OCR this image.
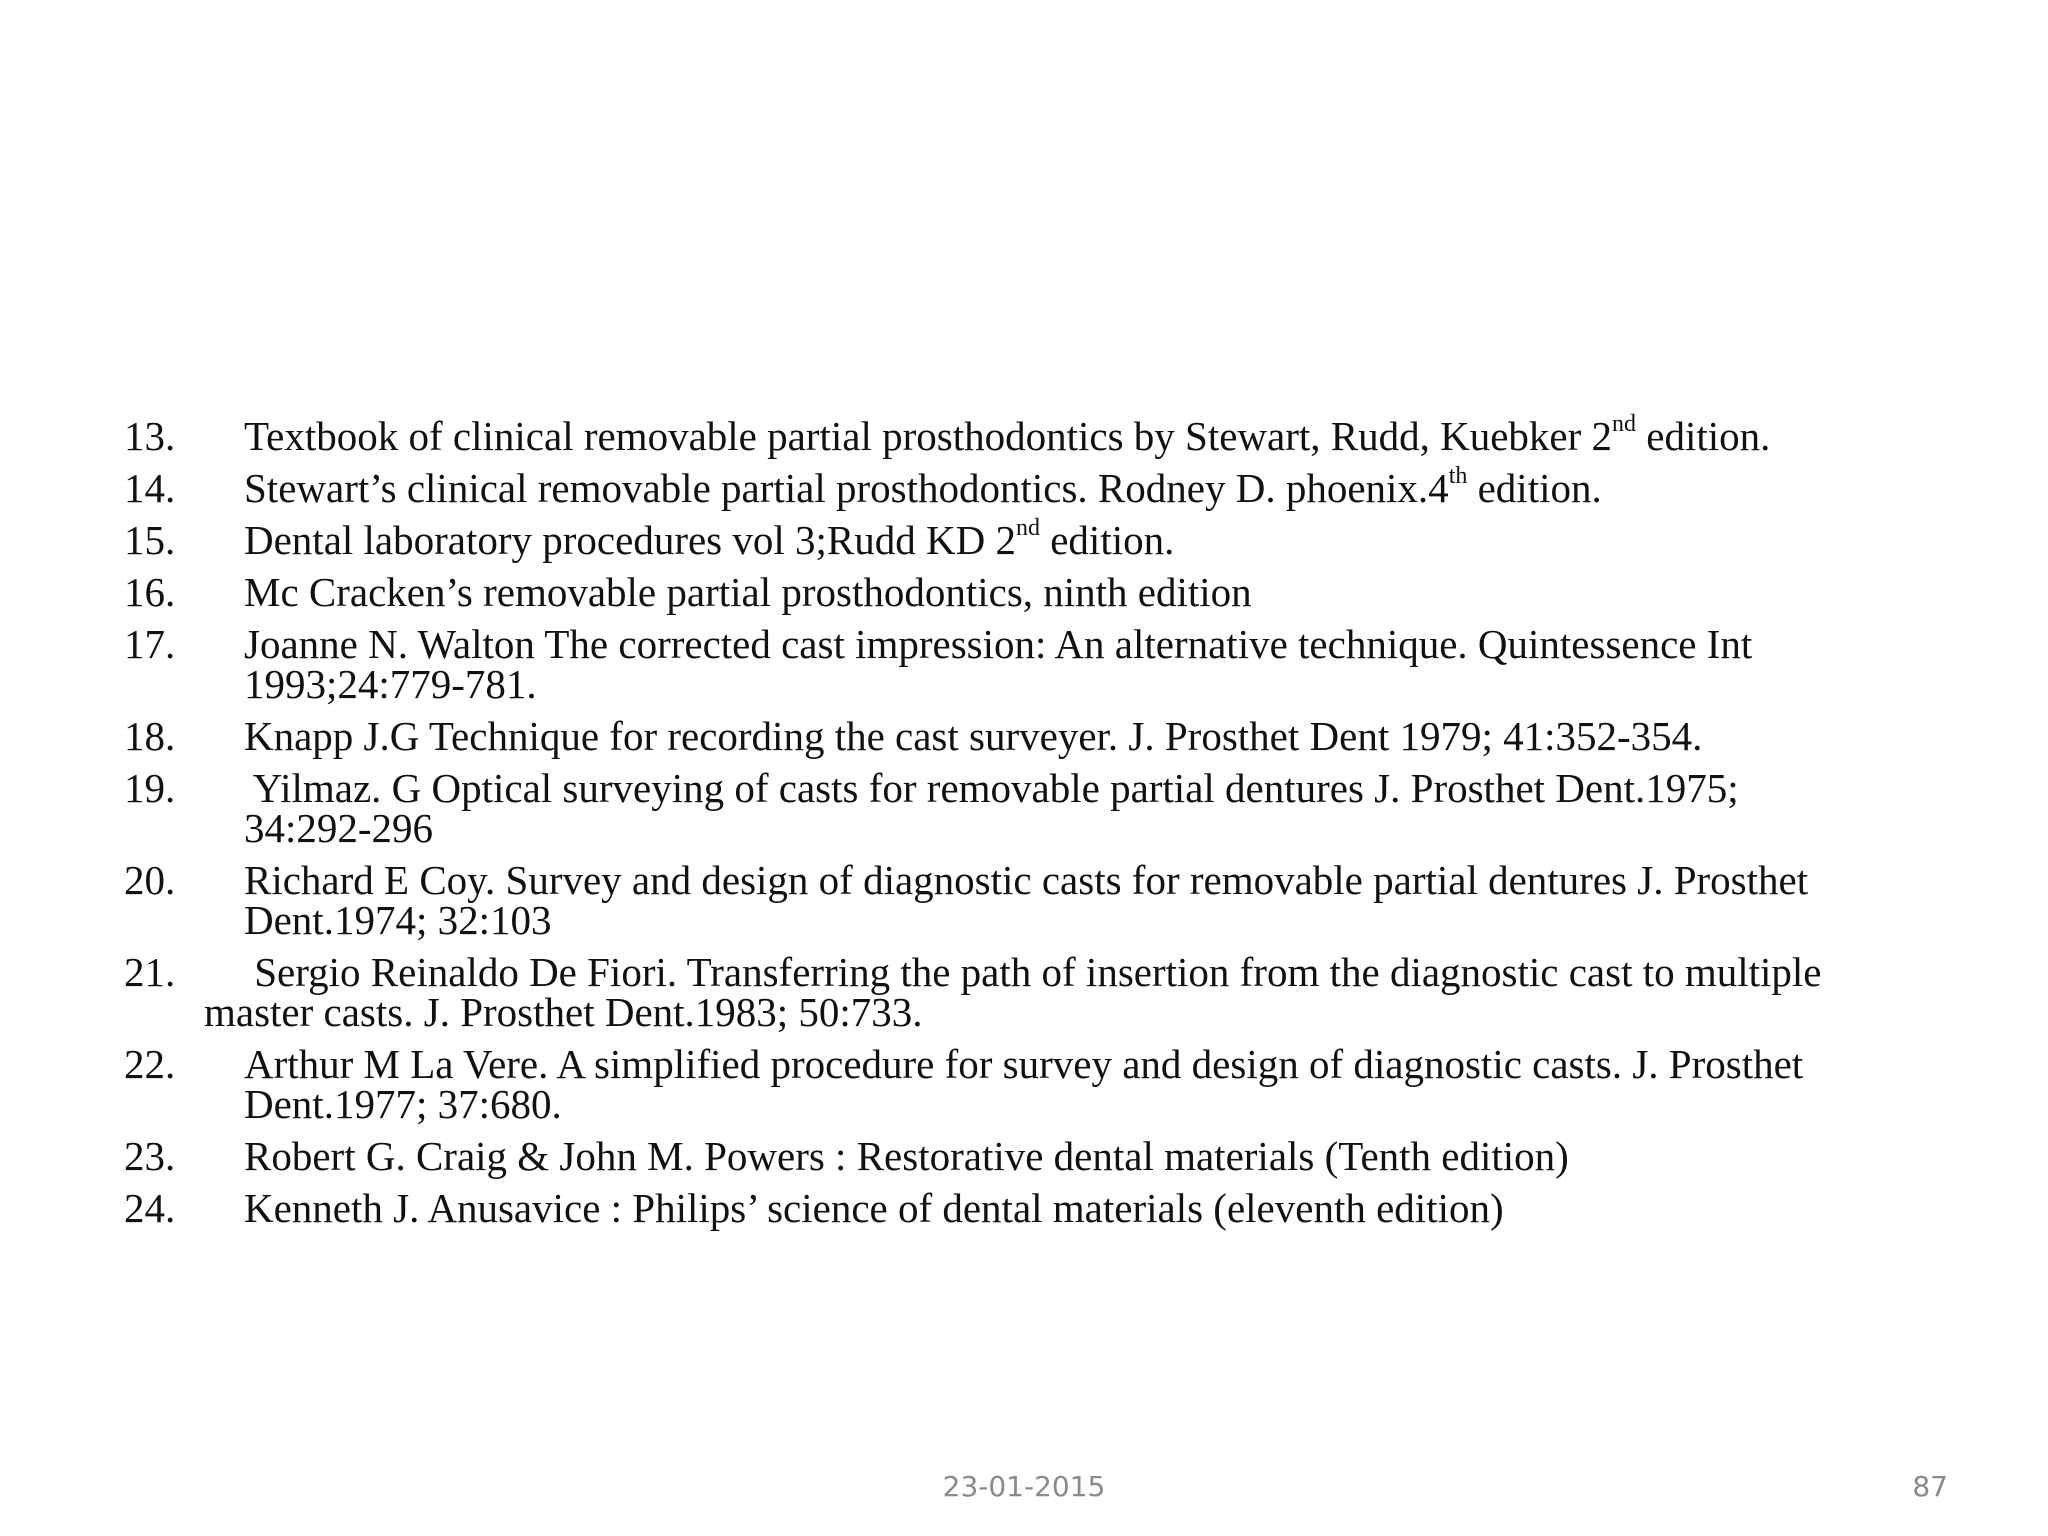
13. Textbook of clinical removable partial prosthodontics by Stewart, Rudd, Kuebker 2nd edition.
14. Stewart’s clinical removable partial prosthodontics. Rodney D. phoenix.4th edition.
15. Dental laboratory procedures vol 3;Rudd KD 2nd edition.
16. Mc Cracken’s removable partial prosthodontics, ninth edition
17. Joanne N. Walton The corrected cast impression: An alternative technique. Quintessence Int
1993;24:779-781.
18. Knapp J.G Technique for recording the cast surveyer. J. Prosthet Dent 1979; 41:352-354.
19. Yilmaz. G Optical surveying of casts for removable partial dentures J. Prosthet Dent.1975;
34:292-296
20. Richard E Coy. Survey and design of diagnostic casts for removable partial dentures J. Prosthet
Dent.1974; 32:103
21. Sergio Reinaldo De Fiori. Transferring the path of insertion from the diagnostic cast to multiple
master casts. J. Prosthet Dent.1983; 50:733.
22. Arthur M La Vere. A simplified procedure for survey and design of diagnostic casts. J. Prosthet
Dent.1977; 37:680.
23. Robert G. Craig & John M. Powers : Restorative dental materials (Tenth edition)
24. Kenneth J. Anusavice : Philips’ science of dental materials (eleventh edition)
23-01-2015	87
